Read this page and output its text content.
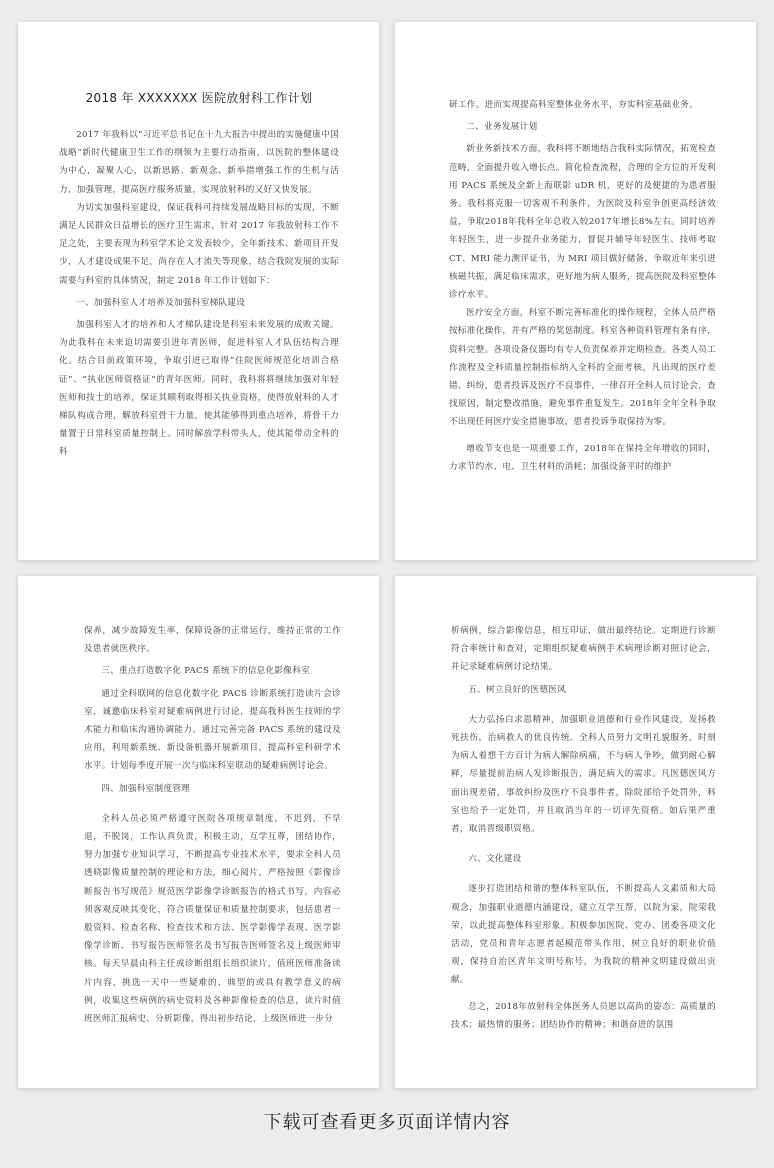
2018 年 XXXXXXX 医院放射科工作计划

2017 年我科以“习近平总书记在十九大报告中提出的实施健康中国战略”新时代健康卫生工作的纲领为主要行动指南，以医院的整体建设为中心，凝聚人心，以新思路、新观念、新举措增强工作的生机与活力，加强管理，提高医疗服务质量，实现放射科的又好又快发展。

为切实加强科室建设，保证我科可持续发展战略目标的实现，不断满足人民群众日益增长的医疗卫生需求，针对 2017 年我放射科工作不足之处，主要表现为科室学术论文发表较少，全年新技术、新项目开发少，人才建设成果不足，尚存在人才流失等现象，结合我院发展的实际需要与科室的具体情况，制定 2018 年工作计划如下：

一、加强科室人才培养及加强科室梯队建设

加强科室人才的培养和人才梯队建设是科室未来发展的成败关键。为此我科在未来迫切需要引进年青医师，促进科室人才队伍结构合理化。结合目前政策环境，争取引进已取得“住院医师规范化培训合格证”、“执业医师资格证”的青年医师。同时，我科将将继续加强对年轻医师和技士的培养，保证其顺利取得相关执业资格，使得放射科的人才梯队构成合理，解放科室骨干力量，使其能够得到重点培养，将骨干力量置于日常科室质量控制上。同时解放学科带头人，使其能带动全科的科

研工作。进而实现提高科室整体业务水平，夯实科室基础业务。

二、业务发展计划

新业务新技术方面，我科将不断地结合我科实际情况，拓宽检查范畴，全面提升收入增长点。简化检查流程，合理的全方位的开发利用 PACS 系统及全新上海联影 uDR 机，更好的及便捷的为患者服务。我科将克服一切客观不利条件，为医院及科室争创更高经济效益，争取2018年我科全年总收入较2017年增长8%左右。同时培养年轻医生，进一步提升业务能力，督促并辅导年轻医生、技师考取 CT、MRI 能力测评证书，为 MRI 项目做好储备，争取近年来引进核磁共振，满足临床需求，更好地为病人服务，提高医院及科室整体诊疗水平。

医疗安全方面，科室不断完善标准化的操作规程，全体人员严格按标准化操作，并有严格的奖惩制度。科室各种资料管理有条有序，资料完整。各项设备仪器均有专人负责保养并定期检查。各类人员工作流程及全科质量控制指标纳入全科的全面考核，凡出现的医疗差错、纠纷，患者投诉及医疗不良事件，一律召开全科人员讨论会，查找原因，制定整改措施，避免事件重复发生。2018年全年全科争取不出现任何医疗安全措施事故，患者投诉争取保持为零。

增收节支也是一项重要工作，2018年在保持全年增收的同时，力求节约水、电、卫生材料的消耗；加强设备平时的维护

保养，减少故障发生率，保障设备的正常运行，维持正常的工作及患者就医秩序。

三、重点打造数字化 PACS 系统下的信息化影像科室

通过全科联网的信息化数字化 PACS 诊断系统打造读片会诊室，诚邀临床科室对疑难病例进行讨论，提高我科医生技师的学术能力和临床沟通协调能力。通过完善完备 PACS 系统的建设及应用，利用新系统、新设备机器开展新项目，提高科室科研学术水平。计划每季度开展一次与临床科室联动的疑难病例讨论会。

四、加强科室制度管理

全科人员必须严格遵守医院各项规章制度，不迟到，不早退，不脱岗，工作认真负责，积极主动，互学互尊，团结协作，努力加强专业知识学习，不断提高专业技术水平，要求全科人员透晓影像质量控制的理论和方法，细心阅片，严格按照《影像诊断报告书写规范》规范医学影像学诊断报告的格式书写，内容必须客观反映其变化，符合质量保证和质量控制要求，包括患者一般资料、检查名称、检查技术和方法、医学影像学表现、医学影像学诊断、书写报告医师签名及书写报告医师签名及上级医师审核。每天早晨由科主任或诊断组组长组织读片，值班医师准备读片内容，挑选一天中一些疑难的、典型的或具有教学意义的病例，收集这些病例的病史资料及各种影像检查的信息，读片时值班医师汇报病史、分析影像，得出初步结论，上级医师进一步分

析病例，综合影像信息，相互印证，做出最终结论。定期进行诊断符合率统计和查对，定期组织疑难病例手术病理诊断对照讨论会，并记录疑难病例讨论结果。

五、树立良好的医德医风

大力弘扬白求恩精神，加强职业道德和行业作风建设，发扬救死扶伤，治病救人的优良传统。全科人员努力文明礼貌服务，时刻为病人着想千方百计为病人解除病痛，不与病人争吵，做到耐心解释，尽量提前治病人发诊断报告，满足病人的需求。凡医德医风方面出现差错，事故纠纷及医疗不良事件者，除院部给予处罚外，科室也给予一定处罚，并且取消当年的一切评先资格。如后果严重者，取消晋级职资格。

六、文化建设

逐步打造团结和谐的整体科室队伍，不断提高人文素质和大局观念，加强职业道德内涵建设，建立互学互帮，以院为家，院荣我荣，以此提高整体科室形象。积极参加医院、党办、团委各项文化活动，党员和青年志愿者起模范带头作用，树立良好的职业价值观，保持自治区青年文明号称号，为我院的精神文明建设做出贡献。

总之，2018年放射科全体医务人员愿以高尚的姿态：高质量的技术；最热情的服务；团结协作的精神；和谐奋进的氛围

下载可查看更多页面详情内容
